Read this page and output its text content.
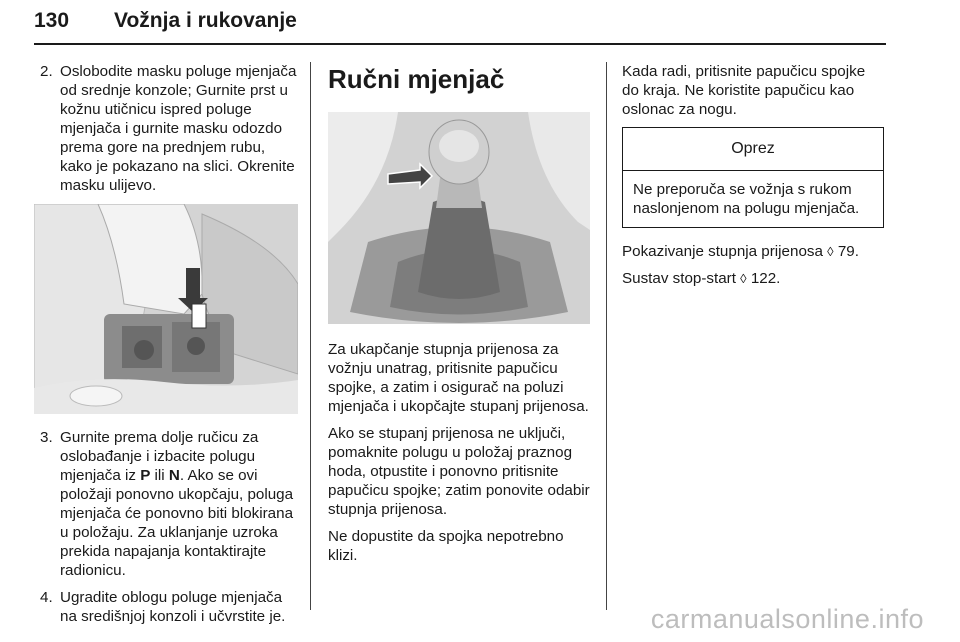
130 Vožnja i rukovanje
2. Oslobodite masku poluge mjenjača od srednje konzole; Gurnite prst u kožnu utičnicu ispred poluge mjenjača i gurnite masku odozdo prema gore na prednjem rubu, kako je pokazano na slici. Okrenite masku ulijevo.
3. Gurnite prema dolje ručicu za oslobađanje i izbacite polugu mjenjača iz P ili N. Ako se ovi položaji ponovno ukopčaju, poluga mjenjača će ponovno biti blokirana u položaju. Za uklanjanje uzroka prekida napajanja kontaktirajte radionicu.
4. Ugradite oblogu poluge mjenjača na središnjoj konzoli i učvrstite je.
Ručni mjenjač

Za ukapčanje stupnja prijenosa za vožnju unatrag, pritisnite papučicu spojke, a zatim i osigurač na poluzi mjenjača i ukopčajte stupanj prijenosa.

Ako se stupanj prijenosa ne uključi, pomaknite polugu u položaj praznog hoda, otpustite i ponovno pritisnite papučicu spojke; zatim ponovite odabir stupnja prijenosa.

Ne dopustite da spojka nepotrebno klizi.

Kada radi, pritisnite papučicu spojke do kraja. Ne koristite papučicu kao oslonac za nogu.

Oprez
Ne preporuča se vožnja s rukom naslonjenom na polugu mjenjača.

Pokazivanje stupnja prijenosa ◊ 79.

Sustav stop-start ◊ 122.

carmanualsonline.info
